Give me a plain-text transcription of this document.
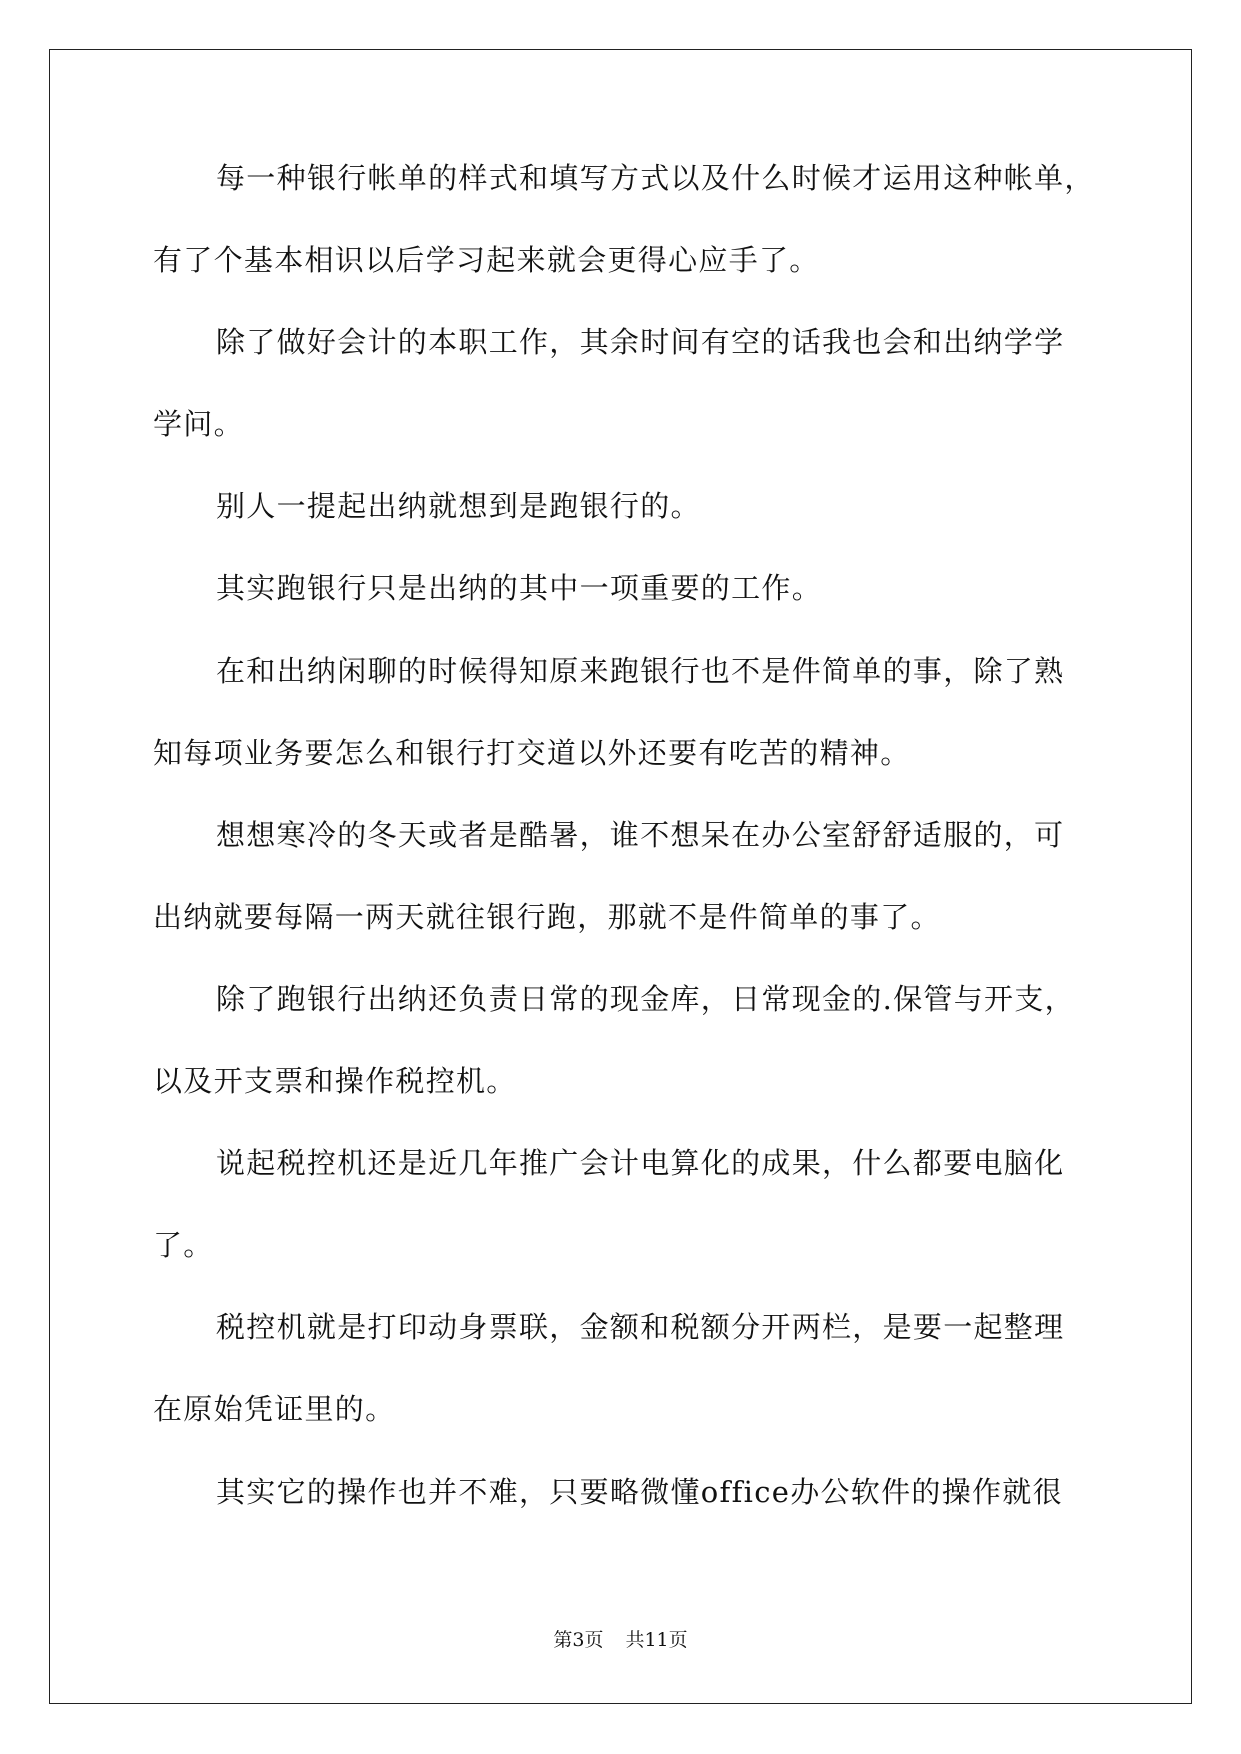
每一种银行帐单的样式和填写方式以及什么时候才运用这种帐单，
有了个基本相识以后学习起来就会更得心应手了。
除了做好会计的本职工作，其余时间有空的话我也会和出纳学学
学问。
别人一提起出纳就想到是跑银行的。
其实跑银行只是出纳的其中一项重要的工作。
在和出纳闲聊的时候得知原来跑银行也不是件简单的事，除了熟
知每项业务要怎么和银行打交道以外还要有吃苦的精神。
想想寒冷的冬天或者是酷暑，谁不想呆在办公室舒舒适服的，可
出纳就要每隔一两天就往银行跑，那就不是件简单的事了。
除了跑银行出纳还负责日常的现金库，日常现金的.保管与开支，
以及开支票和操作税控机。
说起税控机还是近几年推广会计电算化的成果，什么都要电脑化
了。
税控机就是打印动身票联，金额和税额分开两栏，是要一起整理
在原始凭证里的。
其实它的操作也并不难，只要略微懂office办公软件的操作就很
第3页 共11页
